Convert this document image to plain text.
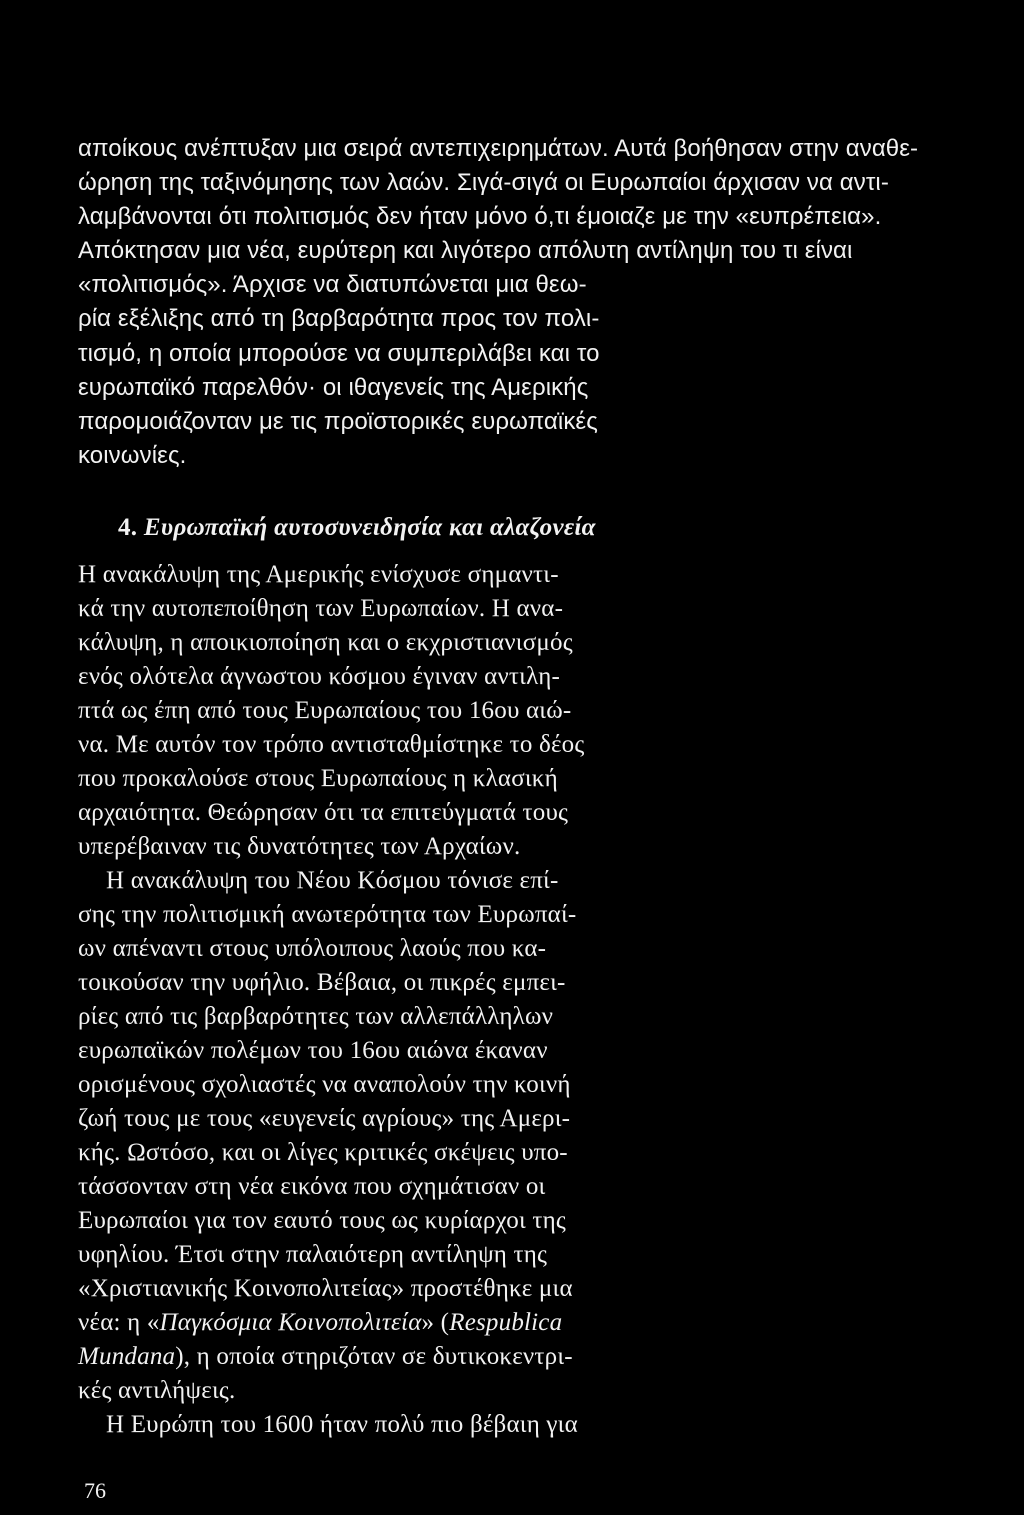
αποίκους ανέπτυξαν μια σειρά αντεπιχειρημάτων. Αυτά βοήθησαν στην αναθε-
ώρηση της ταξινόμησης των λαών. Σιγά-σιγά οι Ευρωπαίοι άρχισαν να αντι-
λαμβάνονται ότι πολιτισμός δεν ήταν μόνο ό,τι έμοιαζε με την «ευπρέπεια».
Απόκτησαν μια νέα, ευρύτερη και λιγότερο απόλυτη αντίληψη του τι είναι
«πολιτισμός». Άρχισε να διατυπώνεται μια θεω-
ρία εξέλιξης από τη βαρβαρότητα προς τον πολι-
τισμό, η οποία μπορούσε να συμπεριλάβει και το
ευρωπαϊκό παρελθόν· οι ιθαγενείς της Αμερικής
παρομοιάζονταν με τις προϊστορικές ευρωπαϊκές
κοινωνίες.
4. Ευρωπαϊκή αυτοσυνειδησία και αλαζονεία
Η ανακάλυψη της Αμερικής ενίσχυσε σημαντι-
κά την αυτοπεποίθηση των Ευρωπαίων. Η ανα-
κάλυψη, η αποικιοποίηση και ο εκχριστιανισμός
ενός ολότελα άγνωστου κόσμου έγιναν αντιλη-
πτά ως έπη από τους Ευρωπαίους του 16ου αιώ-
να. Με αυτόν τον τρόπο αντισταθμίστηκε το δέος
που προκαλούσε στους Ευρωπαίους η κλασική
αρχαιότητα. Θεώρησαν ότι τα επιτεύγματά τους
υπερέβαιναν τις δυνατότητες των Αρχαίων.
Η ανακάλυψη του Νέου Κόσμου τόνισε επί-
σης την πολιτισμική ανωτερότητα των Ευρωπαί-
ων απέναντι στους υπόλοιπους λαούς που κα-
τοικούσαν την υφήλιο. Βέβαια, οι πικρές εμπει-
ρίες από τις βαρβαρότητες των αλλεπάλληλων
ευρωπαϊκών πολέμων του 16ου αιώνα έκαναν
ορισμένους σχολιαστές να αναπολούν την κοινή
ζωή τους με τους «ευγενείς αγρίους» της Αμερι-
κής. Ωστόσο, και οι λίγες κριτικές σκέψεις υπο-
τάσσονταν στη νέα εικόνα που σχημάτισαν οι
Ευρωπαίοι για τον εαυτό τους ως κυρίαρχοι της
υφηλίου. Έτσι στην παλαιότερη αντίληψη της
«Χριστιανικής Κοινοπολιτείας» προστέθηκε μια
νέα: η «Παγκόσμια Κοινοπολιτεία» (Respublica
Mundana), η οποία στηριζόταν σε δυτικοκεντρι-
κές αντιλήψεις.
Η Ευρώπη του 1600 ήταν πολύ πιο βέβαιη για
76
